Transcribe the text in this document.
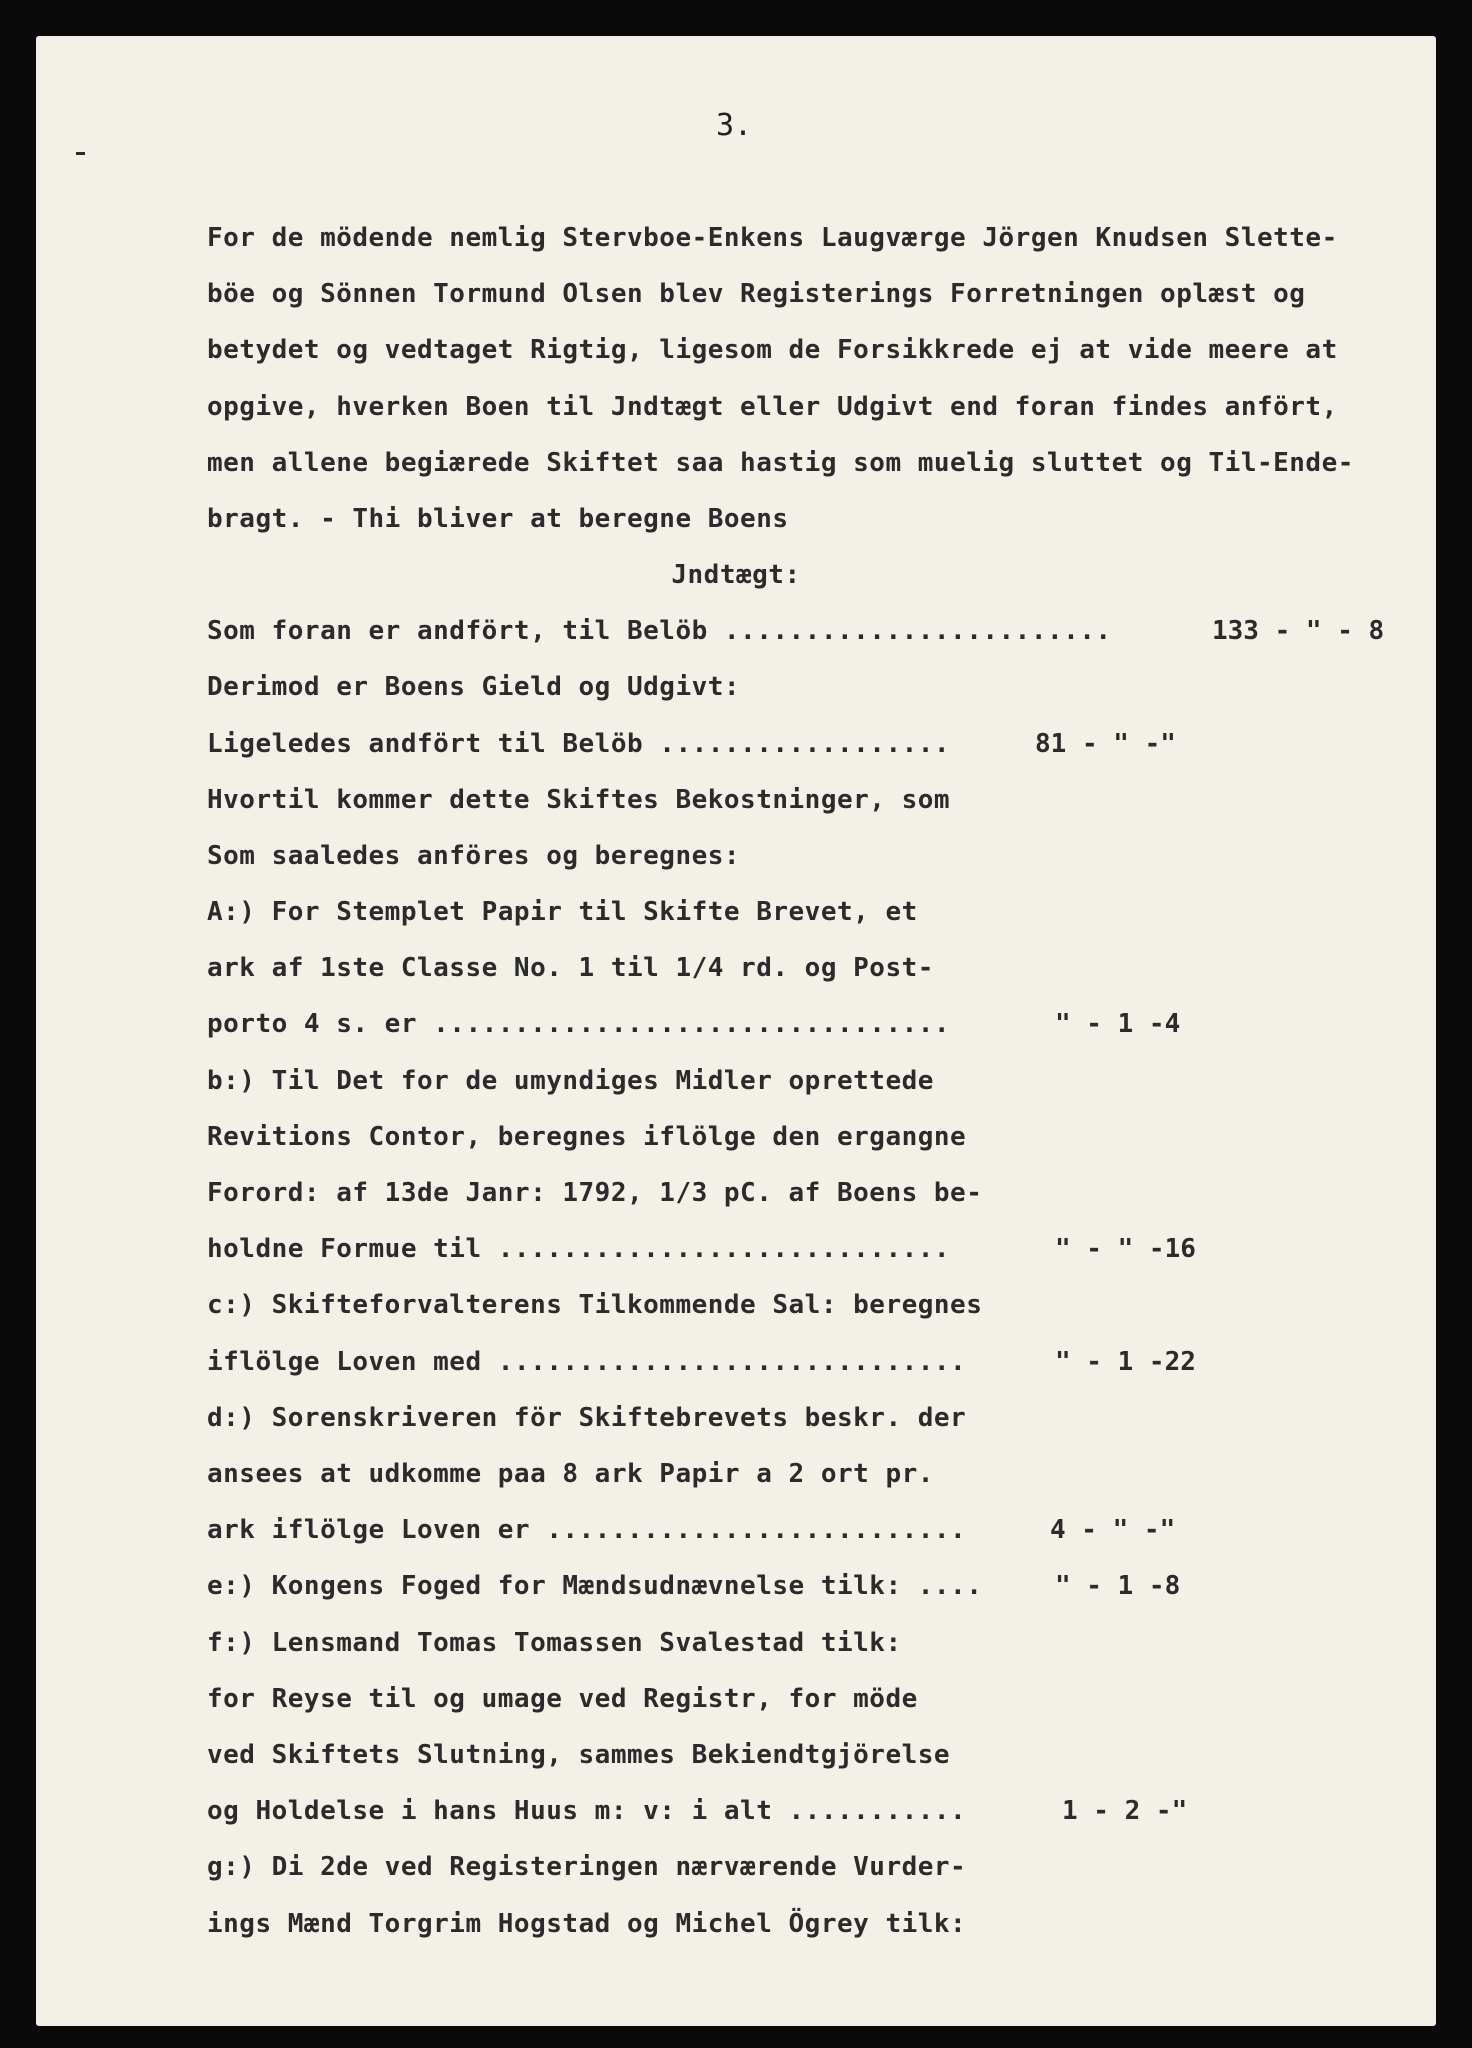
3.
For de mödende nemlig Stervboe-Enkens Laugværge Jörgen Knudsen Slette-
böe og Sönnen Tormund Olsen blev Registerings Forretningen oplæst og
betydet og vedtaget Rigtig, ligesom de Forsikkrede ej at vide meere at
opgive, hverken Boen til Jndtægt eller Udgivt end foran findes anfört,
men allene begiærede Skiftet saa hastig som muelig sluttet og Til-Ende-
bragt. - Thi bliver at beregne Boens
Jndtægt:
Som foran er andfört, til Belöb ........................	133 - " - 8
Derimod er Boens Gield og Udgivt:
Ligeledes andfört til Belöb ..................	81 - " -"
Hvortil kommer dette Skiftes Bekostninger, som
Som saaledes anföres og beregnes:
A:) For Stemplet Papir til Skifte Brevet, et
ark af 1ste Classe No. 1 til 1/4 rd. og Post-
porto 4 s. er ................................	" - 1 -4
b:) Til Det for de umyndiges Midler oprettede
Revitions Contor, beregnes iflölge den ergangne
Forord: af 13de Janr: 1792, 1/3 pC. af Boens be-
holdne Formue til ............................	" - " -16
c:) Skifteforvalterens Tilkommende Sal: beregnes
iflölge Loven med .............................	" - 1 -22
d:) Sorenskriveren för Skiftebrevets beskr. der
ansees at udkomme paa 8 ark Papir a 2 ort pr.
ark iflölge Loven er ..........................	4 - " -"
e:) Kongens Foged for Mændsudnævnelse tilk: ....	" - 1 -8
f:) Lensmand Tomas Tomassen Svalestad tilk:
for Reyse til og umage ved Registr, for möde
ved Skiftets Slutning, sammes Bekiendtgjörelse
og Holdelse i hans Huus m: v: i alt ...........	1 - 2 -"
g:) Di 2de ved Registeringen nærværende Vurder-
ings Mænd Torgrim Hogstad og Michel Ögrey tilk:
